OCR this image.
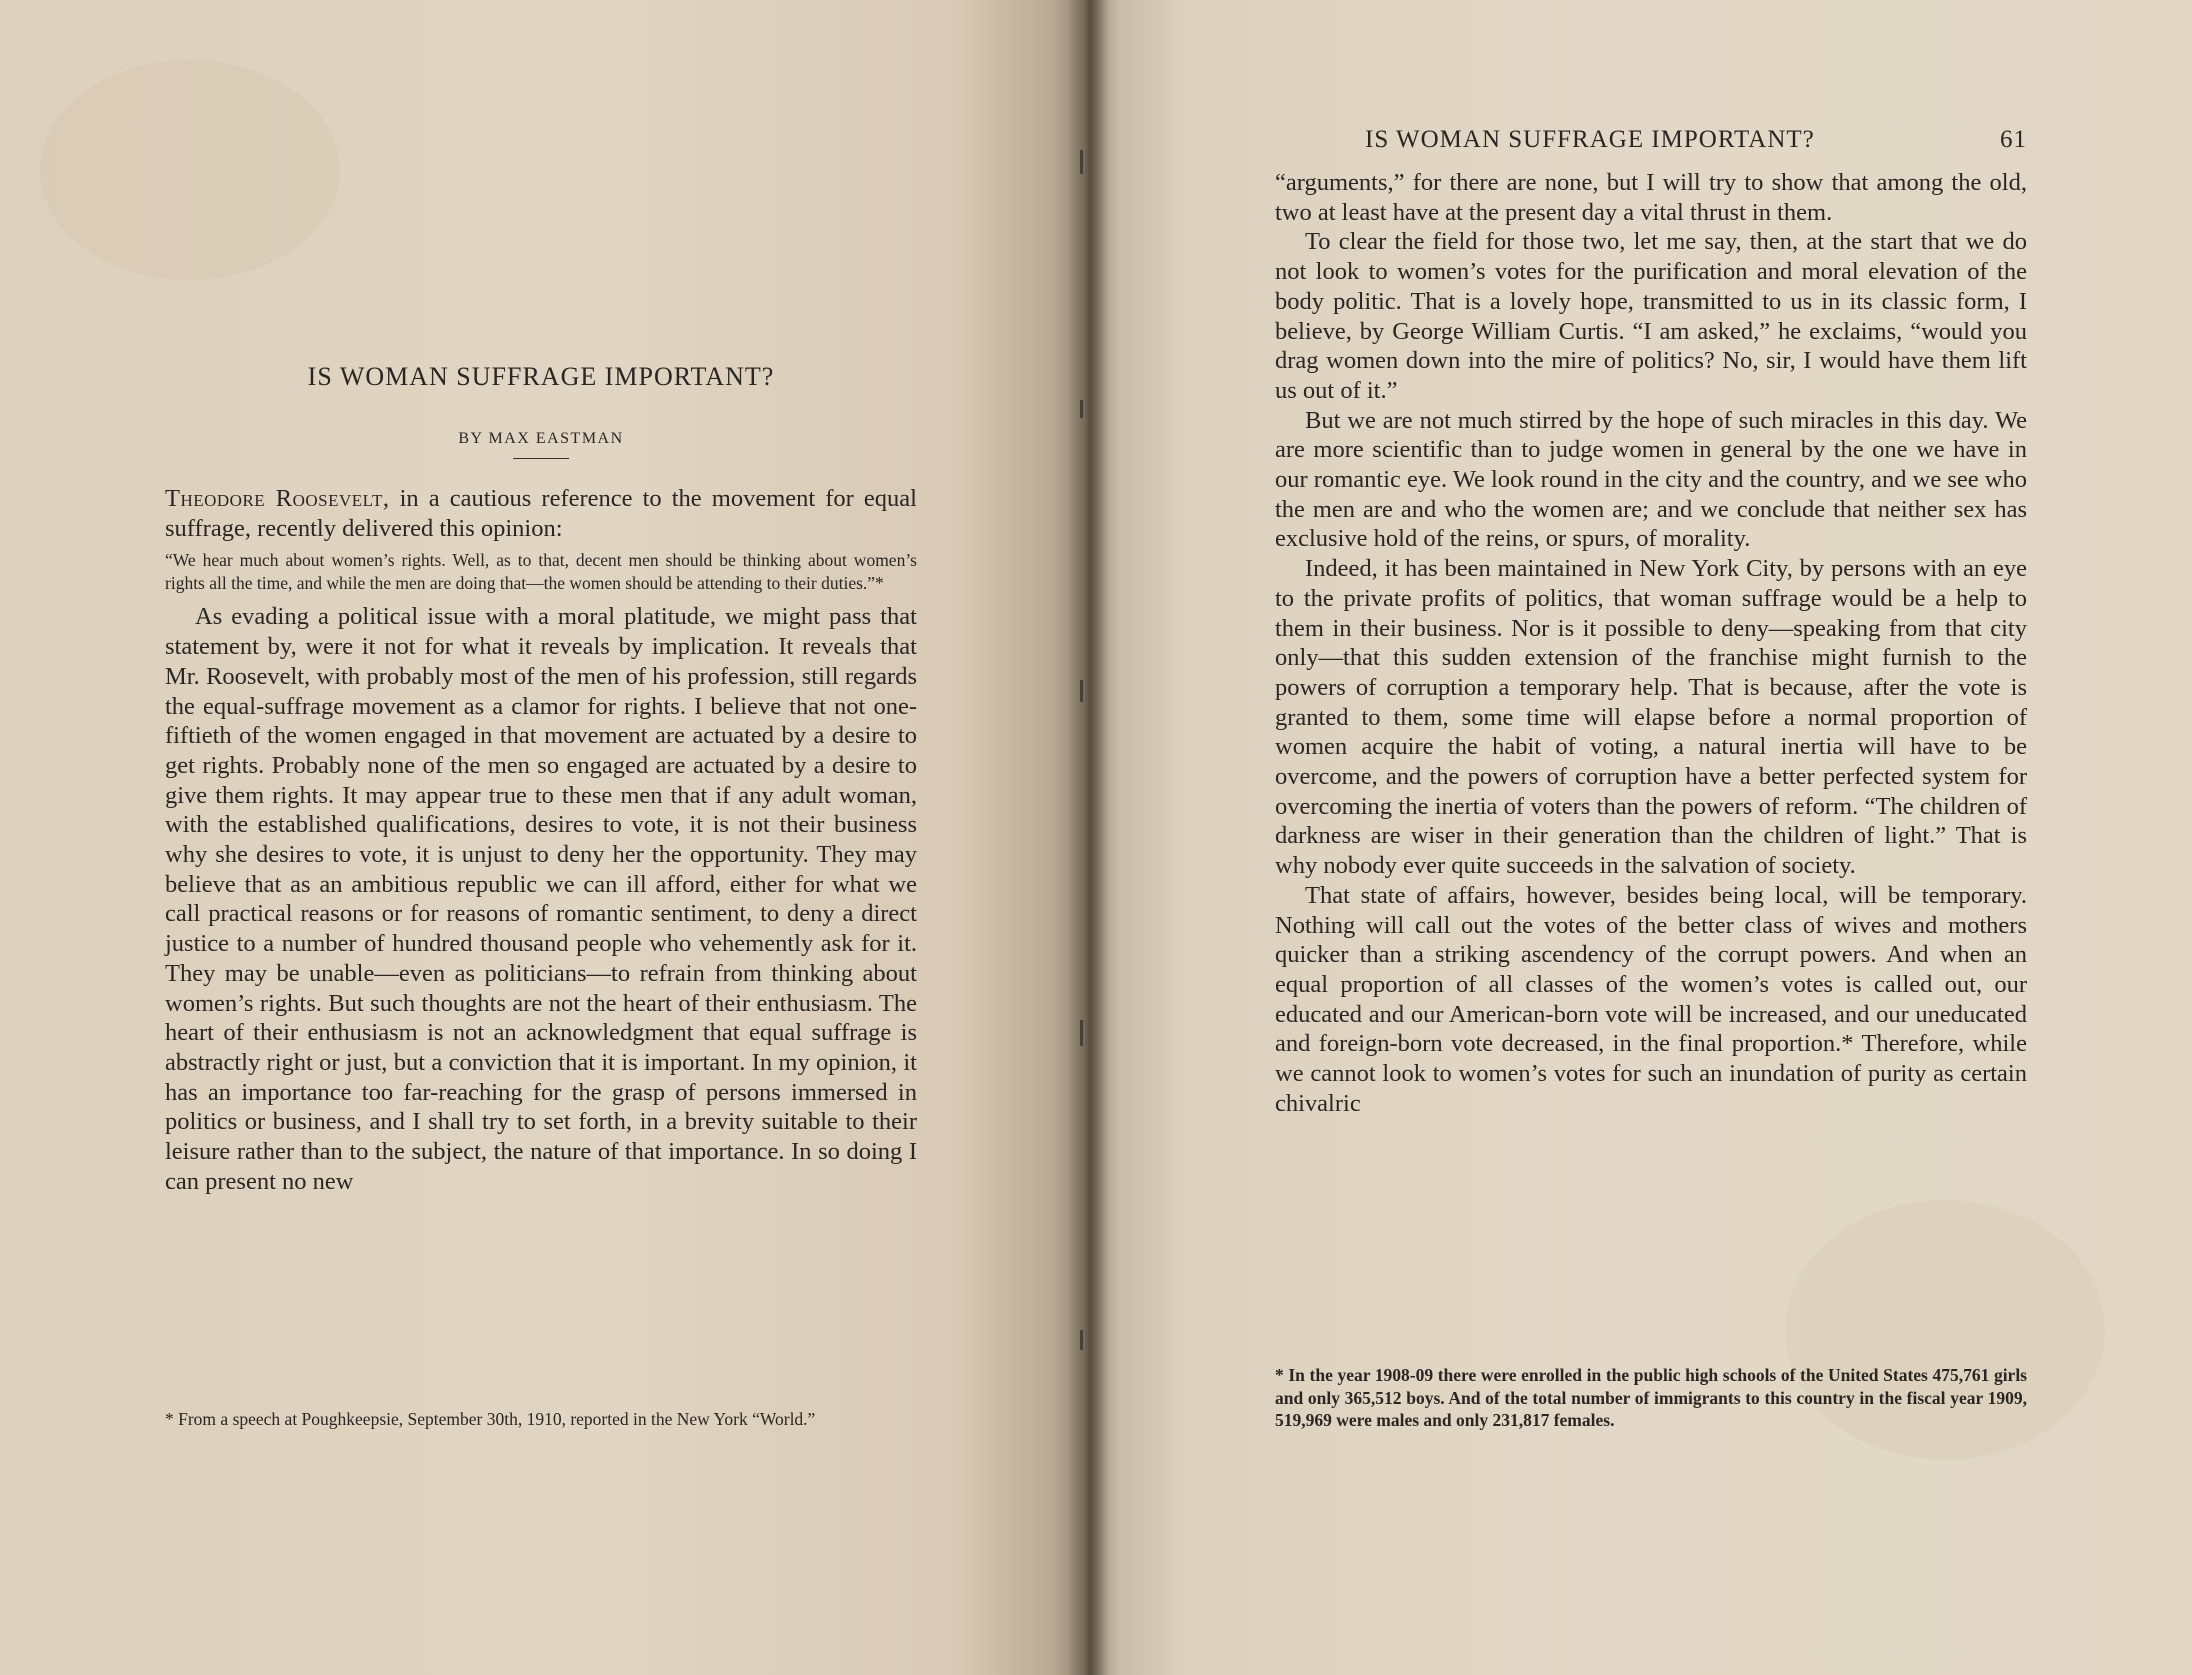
IS WOMAN SUFFRAGE IMPORTANT?
BY MAX EASTMAN

Theodore Roosevelt, in a cautious reference to the movement for equal suffrage, recently delivered this opinion:

“We hear much about women’s rights. Well, as to that, decent men should be thinking about women’s rights all the time, and while the men are doing that—the women should be attending to their duties.”*

As evading a political issue with a moral platitude, we might pass that statement by, were it not for what it reveals by implication. It reveals that Mr. Roosevelt, with probably most of the men of his profession, still regards the equal-suffrage movement as a clamor for rights. I believe that not one-fiftieth of the women engaged in that movement are actuated by a desire to get rights. Probably none of the men so engaged are actuated by a desire to give them rights. It may appear true to these men that if any adult woman, with the established qualifications, desires to vote, it is not their business why she desires to vote, it is unjust to deny her the opportunity. They may believe that as an ambitious republic we can ill afford, either for what we call practical reasons or for reasons of romantic sentiment, to deny a direct justice to a number of hundred thousand people who vehemently ask for it. They may be unable—even as politicians—to refrain from thinking about women’s rights. But such thoughts are not the heart of their enthusiasm. The heart of their enthusiasm is not an acknowledgment that equal suffrage is abstractly right or just, but a conviction that it is important. In my opinion, it has an importance too far-reaching for the grasp of persons immersed in politics or business, and I shall try to set forth, in a brevity suitable to their leisure rather than to the subject, the nature of that importance. In so doing I can present no new

* From a speech at Poughkeepsie, September 30th, 1910, reported in the New York “World.”
IS WOMAN SUFFRAGE IMPORTANT?	61

“arguments,” for there are none, but I will try to show that among the old, two at least have at the present day a vital thrust in them.

To clear the field for those two, let me say, then, at the start that we do not look to women’s votes for the purification and moral elevation of the body politic. That is a lovely hope, transmitted to us in its classic form, I believe, by George William Curtis. “I am asked,” he exclaims, “would you drag women down into the mire of politics? No, sir, I would have them lift us out of it.”

But we are not much stirred by the hope of such miracles in this day. We are more scientific than to judge women in general by the one we have in our romantic eye. We look round in the city and the country, and we see who the men are and who the women are; and we conclude that neither sex has exclusive hold of the reins, or spurs, of morality.

Indeed, it has been maintained in New York City, by persons with an eye to the private profits of politics, that woman suffrage would be a help to them in their business. Nor is it possible to deny—speaking from that city only—that this sudden extension of the franchise might furnish to the powers of corruption a temporary help. That is because, after the vote is granted to them, some time will elapse before a normal proportion of women acquire the habit of voting, a natural inertia will have to be overcome, and the powers of corruption have a better perfected system for overcoming the inertia of voters than the powers of reform. “The children of darkness are wiser in their generation than the children of light.” That is why nobody ever quite succeeds in the salvation of society.

That state of affairs, however, besides being local, will be temporary. Nothing will call out the votes of the better class of wives and mothers quicker than a striking ascendency of the corrupt powers. And when an equal proportion of all classes of the women’s votes is called out, our educated and our American-born vote will be increased, and our uneducated and foreign-born vote decreased, in the final proportion.* Therefore, while we cannot look to women’s votes for such an inundation of purity as certain chivalric

* In the year 1908-09 there were enrolled in the public high schools of the United States 475,761 girls and only 365,512 boys. And of the total number of immigrants to this country in the fiscal year 1909, 519,969 were males and only 231,817 females.
